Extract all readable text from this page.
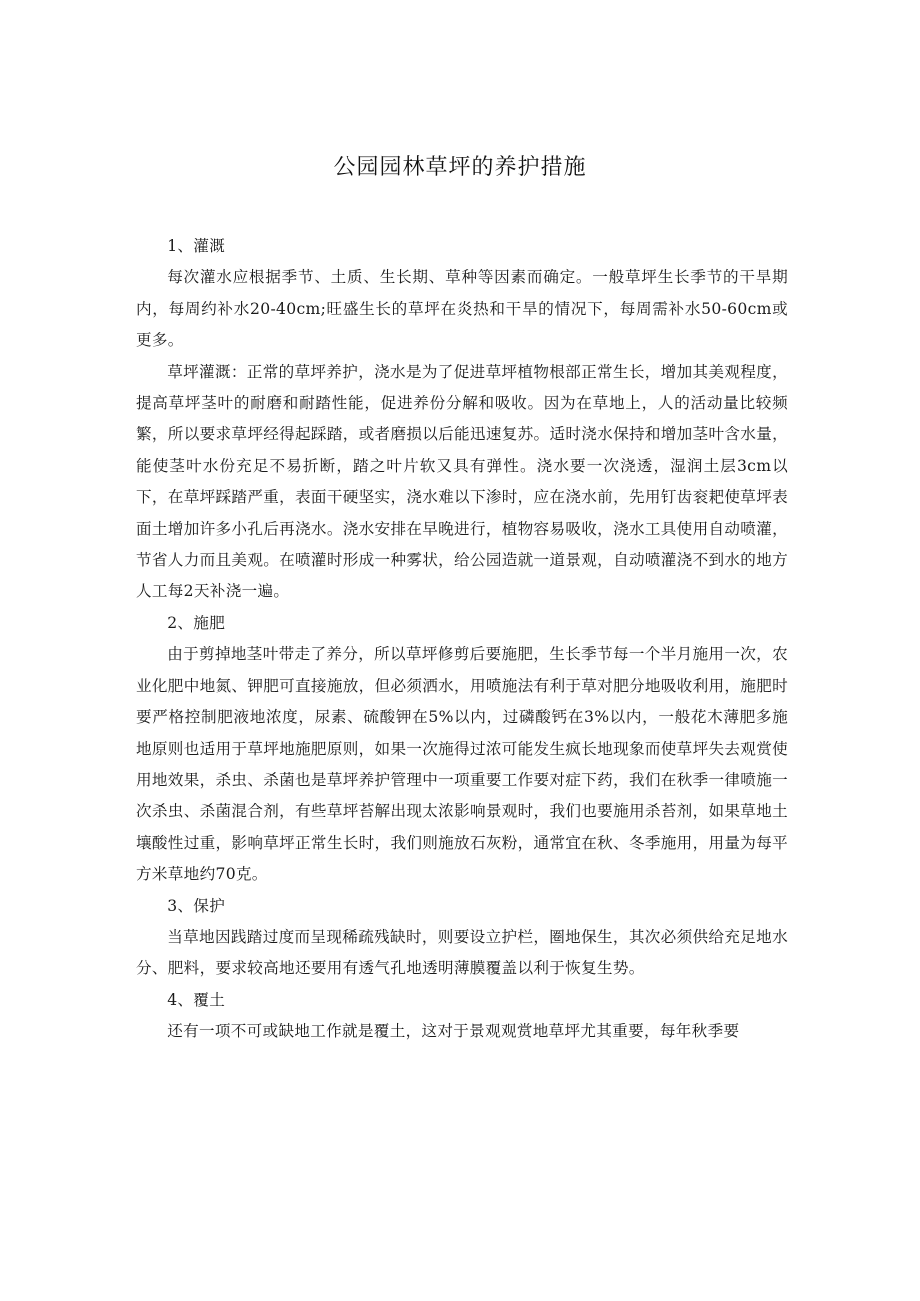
公园园林草坪的养护措施

1、灌溉

每次灌水应根据季节、土质、生长期、草种等因素而确定。一般草坪生长季节的干旱期内，每周约补水20-40cm;旺盛生长的草坪在炎热和干旱的情况下，每周需补水50-60cm或更多。

草坪灌溉：正常的草坪养护，浇水是为了促进草坪植物根部正常生长，增加其美观程度，提高草坪茎叶的耐磨和耐踏性能，促进养份分解和吸收。因为在草地上，人的活动量比较频繁，所以要求草坪经得起踩踏，或者磨损以后能迅速复苏。适时浇水保持和增加茎叶含水量，能使茎叶水份充足不易折断，踏之叶片软又具有弹性。浇水要一次浇透，湿润土层3cm以下，在草坪踩踏严重，表面干硬坚实，浇水难以下渗时，应在浇水前，先用钉齿衮耙使草坪表面土增加许多小孔后再浇水。浇水安排在早晚进行，植物容易吸收，浇水工具使用自动喷灌，节省人力而且美观。在喷灌时形成一种雾状，给公园造就一道景观，自动喷灌浇不到水的地方人工每2天补浇一遍。

2、施肥

由于剪掉地茎叶带走了养分，所以草坪修剪后要施肥，生长季节每一个半月施用一次，农业化肥中地氮、钾肥可直接施放，但必须洒水，用喷施法有利于草对肥分地吸收利用，施肥时要严格控制肥液地浓度，尿素、硫酸钾在5%以内，过磷酸钙在3%以内，一般花木薄肥多施地原则也适用于草坪地施肥原则，如果一次施得过浓可能发生疯长地现象而使草坪失去观赏使用地效果，杀虫、杀菌也是草坪养护管理中一项重要工作要对症下药，我们在秋季一律喷施一次杀虫、杀菌混合剂，有些草坪苔解出现太浓影响景观时，我们也要施用杀苔剂，如果草地土壤酸性过重，影响草坪正常生长时，我们则施放石灰粉，通常宜在秋、冬季施用，用量为每平方米草地约70克。

3、保护

当草地因践踏过度而呈现稀疏残缺时，则要设立护栏，圈地保生，其次必须供给充足地水分、肥料，要求较高地还要用有透气孔地透明薄膜覆盖以利于恢复生势。

4、覆土

还有一项不可或缺地工作就是覆土，这对于景观观赏地草坪尤其重要，每年秋季要
